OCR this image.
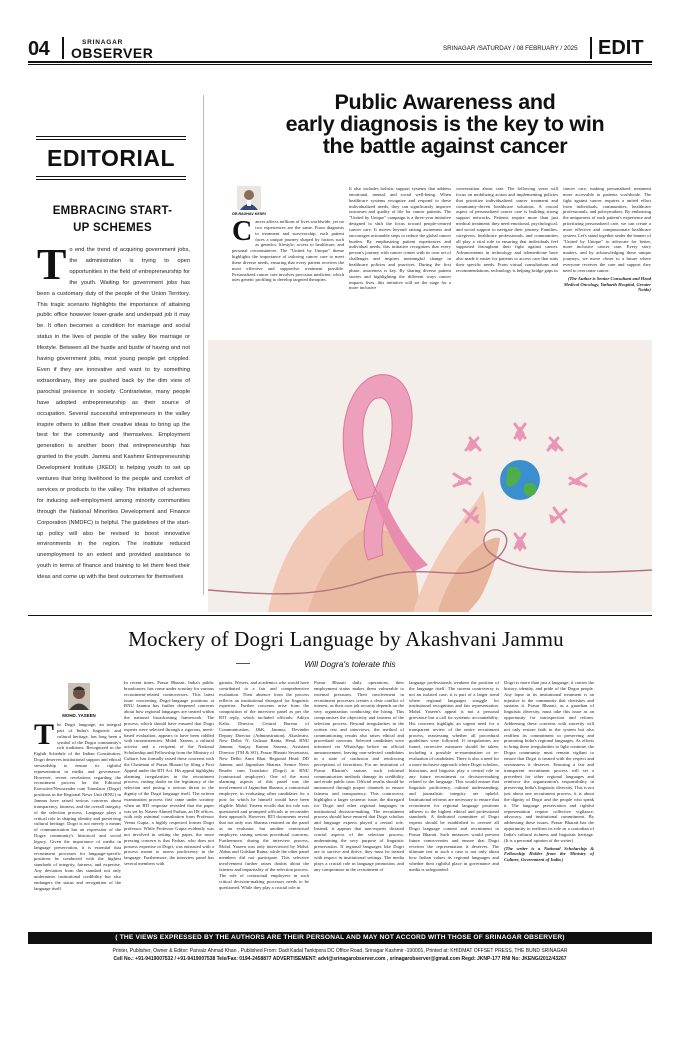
04	SRINAGAR
OBSERVER	SRINAGAR /SATURDAY / 08 FEBRUARY / 2025 EDIT
EDITORIAL
EMBRACING START-UP SCHEMES
To end the trend of acquiring government jobs, the administration is trying to open opportunities in the field of entrepreneurship for the youth. Waiting for government jobs has been a customary duty of the people of the Union Territory. This tragic scenario highlights the importance of attaining public office however lower-grade and underpaid job it may be. It often becomes a condition for marriage and social status in the lives of people of the valley like marriage or lifestyle. Between all the hustle and bustle of having and not having government jobs, most young people get crippled. Even if they are innovative and want to try something extraordinary, they are pushed back by the dim view of parochial presence in society. Contrariwise, many people have adopted entrepreneurship as their source of occupation. Several successful entrepreneurs in the valley inspire others to utilise their creative ideas to bring up the best for the community and themselves. Employment generation is another boon that entrepreneurship has granted to the youth. Jammu and Kashmir Entrepreneurship Development Institute (JKEDI) is helping youth to set up ventures that bring livelihood to the people and comfort of services or products to the valley. The initiative of schemes for inducing self-employment among minority communities through the National Minorities Development and Finance Corporation (NMDFC) is helpful. The guidelines of the start-up policy will also be revised to boost innovative environments in the region. The institute reduced unemployment to an extent and provided assistance to youth in terms of finance and training to let them feed their ideas and come up with the best outcomes for themselves
Public Awareness and
early diagnosis is the key to win
the battle against cancer
DR.RAGHAV KESRI
Cancer affects millions of lives worldwide, yet no two experiences are the same. From diagnosis to treatment and survivorship, each patient faces a unique journey shaped by factors such as genetics, lifestyle, access to healthcare, and personal circumstances. The "United by Unique" theme highlights the importance of tailoring cancer care to meet these diverse needs, ensuring that every patient receives the most effective and supportive treatment possible. Personalized cancer care involves precision medicine, which uses genetic profiling to develop targeted therapies.
It also includes holistic support systems that address emotional, mental, and social well-being. When healthcare systems recognize and respond to these individualized needs, they can significantly improve outcomes and quality of life for cancer patients. The "United by Unique" campaign is a three-year initiative designed to shift the focus toward people-centred cancer care. It moves beyond raising awareness and encourages actionable steps to reduce the global cancer burden. By emphasizing patient experiences and individual needs, this initiative recognizes that every person's journey with cancer comes with its own set of challenges and inspires meaningful change in healthcare policies and practices. During the first phase, awareness is key. By sharing diverse patient stories and highlighting the different ways cancer impacts lives, this initiative will set the stage for a more inclusive
conversation about care. The following years will focus on mobilizing action and implementing policies that prioritize individualized cancer treatment and community-driven healthcare solutions. A crucial aspect of personalized cancer care is building strong support networks. Patients require more than just medical treatment; they need emotional, psychological, and social support to navigate their journey. Families, caregivers, healthcare professionals, and communities all play a vital role in ensuring that individuals feel supported throughout their fight against cancer. Advancements in technology and telemedicine have also made it easier for patients to access care that suits their specific needs. From virtual consultations and recommendations, technology is helping bridge gaps in
cancer care, making personalized treatment more accessible to patients worldwide. The fight against cancer requires a united effort from individuals, communities, healthcare professionals, and policymakers. By embracing the uniqueness of each patient's experience and prioritizing personalized care, we can create a more effective and compassionate healthcare system. Let's stand together under the banner of "United by Unique" to advocate for better, more inclusive cancer care. Every story matters, and by acknowledging these unique journeys, we move closer to a future where everyone receives the care and support they need to overcome cancer.
(The Author is Senior Consultant and Head Medical Oncology, Yatharth Hospital, Greater Noida)
Mockery of Dogri Language by Akashvani Jammu
Will Dogra's tolerate this
MOHD. YASEEN
The Dogri language, an integral part of India's linguistic and cultural heritage, has long been a symbol of the Dogra community's rich traditions. Recognized in the Eighth Schedule of the Indian Constitution, Dogri deserves institutional support and ethical stewardship to ensure its rightful representation in media and governance. However, recent revelations regarding the recruitment process for the Editorial Executive/Newsreader cum Translator (Dogri) positions in the Regional News Unit (RNU) in Jammu have raised serious concerns about transparency, fairness, and the overall integrity of the selection process. Language plays a critical role in shaping identity and preserving cultural heritage. Dogri is not merely a means of communication but an expression of the Dogra community's historical and social legacy. Given the importance of media in language preservation, it is essential that recruitment processes for language-specific positions be conducted with the highest standards of integrity, fairness, and expertise. Any deviation from this standard not only undermines institutional credibility but also endangers the status and recognition of the language itself.
In recent times, Prasar Bharati, India's public broadcaster, has come under scrutiny for various recruitment-related controversies. This latest issue concerning Dogri-language positions at RNU Jammu has further deepened concerns about how regional languages are treated within the national broadcasting framework. The process, which should have ensured that Dogri experts were selected through a rigorous, merit-based evaluation, appears to have been riddled with inconsistencies. Mohd. Yaseen, a cultural activist and a recipient of the National Scholarship and Fellowship from the Ministry of Culture, has formally raised these concerns with the Chairman of Prasar Bharati by filing a First Appeal under the RTI Act. His appeal highlights alarming irregularities in the recruitment process, casting doubt on the legitimacy of the selection and posing a serious threat to the dignity of the Dogri language itself. The written examination process first came under scrutiny when an RTI response revealed that the paper was set by Naseer Ahmed Farhan, an IIS officer, with only minimal consultation from Professor Veena Gupta, a highly respected former Dogri professor. While Professor Gupta evidently was not involved in setting the paper, the more pressing concern is that Farhan, who does not possess expertise in Dogri, was entrusted with a process meant to assess proficiency in the language. Furthermore, the interview panel has several members with
gations. Writers, and academics who would have contributed to a fair and comprehensive evaluation. Their absence from the process reflects an institutional disregard for linguistic expertise. Further concerns arise from the composition of the interview panel as per the RTI reply, which included officials: Aditya Kalia, Director, Central Bureau of Communication, J&K, Jammu; Devinder Deputy Director (Administration), Akashvani, New Delhi; N. Gulzaar Raina, Head, RNU Jammu; Sanjay Kumar Saxena, Assistant Director (TM & SO), Prasar Bharati Secretariat, New Delhi; Amit Bhat, Regional Head, DD Jammu; and Jagmohan Sharma, Senior News Reader cum Translator (Dogri) at RNU (contractual employee). One of the most alarming aspects of this panel was the involvement of Jagmohan Sharma, a contractual employee, in evaluating other candidates for a post for which he himself would have been eligible. Mohd. Yaseen recalls that his role was questioned and prompted officials to reconsider their approach. However, RTI documents reveal that not only was Sharma retained on the panel as an evaluator, but another contractual employee, raising serious procedural concerns. Furthermore, during the interview process, Mohd. Yaseen was only interviewed by Mohd. Abbas and Gulshan Raina, while the other panel members did not participate. This selective involvement further raises doubts about the fairness and impartiality of the selection process. The role of contractual employees in such critical decision-making processes needs to be questioned. While they play a crucial role in
Prasar Bharati daily operations, their employment status makes them vulnerable to external pressures. Their involvement in recruitment processes creates a clear conflict of interest, as their own job security depends on the very organization conducting the hiring. This compromises the objectivity and fairness of the selection process. Beyond irregularities in the written test and interviews, the method of communicating results also raises ethical and procedural concerns. Selected candidates were informed via WhatsApp before an official announcement, leaving non-selected candidates in a state of confusion and reinforcing perceptions of favoritism. For an institution of Prasar Bharati's stature, such informal communication methods damage its credibility and erode public trust. Official results should be announced through proper channels to ensure fairness and transparency. This controversy highlights a larger systemic issue, the disregard for Dogri and other regional languages in institutional decision-making. The recruitment process should have ensured that Dogri scholars and language experts played a central role. Instead, it appears that non-experts dictated crucial aspects of the selection process, undermining the very purpose of linguistic preservation. If regional languages like Dogri are to survive and thrive, they must be treated with respect in institutional settings. The media plays a crucial role in language promotion, and any compromise in the recruitment of
language professionals weakens the position of the language itself. The current controversy is not an isolated case; it is part of a larger trend where regional languages struggle for institutional recognition and fair representation. Mohd. Yaseen's appeal is not a personal grievance but a call for systemic accountability. His concerns highlight an urgent need for a transparent review of the entire recruitment process, reassessing whether all procedural guidelines were followed. If irregularities are found, corrective measures should be taken, including a possible re-examination or re-evaluation of candidates. There is also a need for a more inclusive approach where Dogri scholars, historians, and linguists play a central role in any future recruitment or decision-making related to the language. This would ensure that linguistic proficiency, cultural understanding, and journalistic integrity are upheld. Institutional reforms are necessary to ensure that recruitment for regional language positions adheres to the highest ethical and professional standards. A dedicated committee of Dogri experts should be established to oversee all Dogri language content and recruitment in Prasar Bharati. Such measures would prevent future controversies and ensure that Dogri receives the representation it deserves. The ultimate test in such a case is not only about how Indian values its regional languages and whether their rightful place in governance and media is safeguarded.
Dogri is more than just a language; it carries the history, identity, and pride of the Dogra people. Any lapse in its institutional treatment is an injustice to the community that cherishes and sustains it. Prasar Bharati, as a guardian of linguistic diversity, must take this issue as an opportunity for introspection and reform. Addressing these concerns with sincerity will not only restore faith in the system but also reaffirm its commitment to preserving and promoting India's regional languages. As efforts to bring these irregularities to light continue, the Dogra community must remain vigilant to ensure that Dogri is treated with the respect and seriousness it deserves. Ensuring a fair and transparent recruitment process will set a precedent for other regional languages and reinforce the organization's responsibility in preserving India's linguistic diversity. This is not just about one recruitment process, it is about the dignity of Dogri and the people who speak it. The language preservation and rightful representation require collective vigilance, advocacy, and institutional commitment. By addressing these issues, Prasar Bharati has the opportunity to reaffirm its role as a custodian of India's cultural richness and linguistic heritage. (It is a personal opinion of the writer)
(The writer is a National Scholarship & Fellowship Holder from the Ministry of Culture, Government of India.)
( THE VIEWS EXPRESSED BY THE AUTHORS ARE THEIR PERSONAL AND MAY NOT ACCORD WITH THOSE OF SRINAGAR OBSERVER)
Printer, Publisher, Owner & Editor: Parvaiz Ahmad Khan , Published From: Dadi Kadal Tankipora DC Office Road, Srinagar Kashmir -190001, Printed at: KHIDMAT OFFSET PRESS, THE BUND SRINAGAR
Cell No.: +91-9419007532 / +91-9419007538 Tele/Fax: 0194-2458877 ADVERTISEMENT: advt@srinagarobserver.com , srinagarobserver@gmail.com Regd: JKNP-177 RNI No: JKENG/2012/43267
